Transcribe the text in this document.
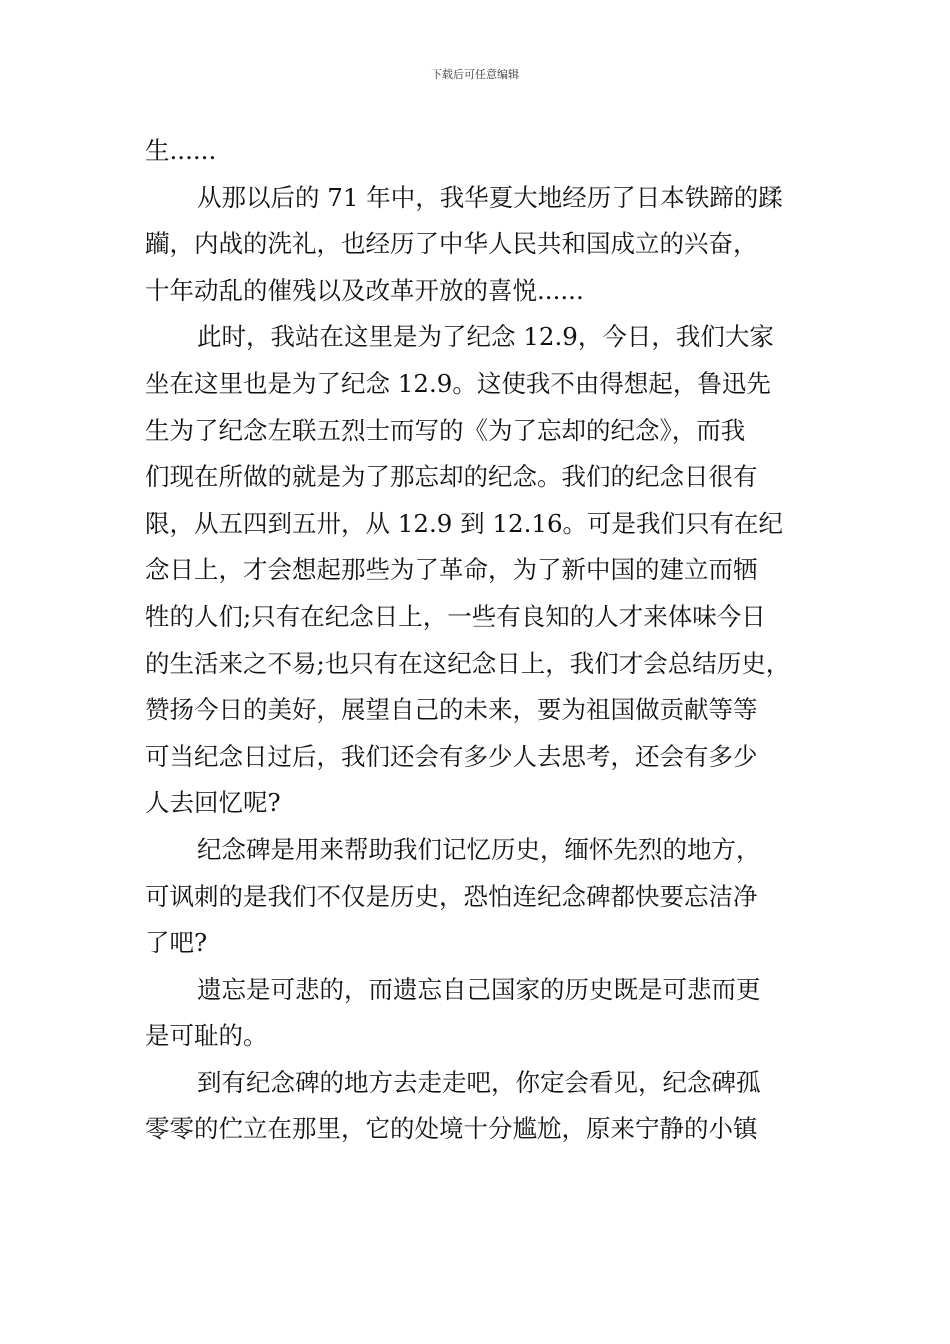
下载后可任意编辑
生......
从那以后的 71 年中，我华夏大地经历了日本铁蹄的蹂
躏，内战的洗礼，也经历了中华人民共和国成立的兴奋，
十年动乱的催残以及改革开放的喜悦......
此时，我站在这里是为了纪念 12.9，今日，我们大家
坐在这里也是为了纪念 12.9。这使我不由得想起，鲁迅先
生为了纪念左联五烈士而写的《为了忘却的纪念》，而我
们现在所做的就是为了那忘却的纪念。我们的纪念日很有
限，从五四到五卅，从 12.9 到 12.16。可是我们只有在纪
念日上，才会想起那些为了革命，为了新中国的建立而牺
牲的人们;只有在纪念日上，一些有良知的人才来体味今日
的生活来之不易;也只有在这纪念日上，我们才会总结历史，
赞扬今日的美好，展望自己的未来，要为祖国做贡献等等
可当纪念日过后，我们还会有多少人去思考，还会有多少
人去回忆呢?
纪念碑是用来帮助我们记忆历史，缅怀先烈的地方，
可讽刺的是我们不仅是历史，恐怕连纪念碑都快要忘洁净
了吧?
遗忘是可悲的，而遗忘自己国家的历史既是可悲而更
是可耻的。
到有纪念碑的地方去走走吧，你定会看见，纪念碑孤
零零的伫立在那里，它的处境十分尴尬，原来宁静的小镇
